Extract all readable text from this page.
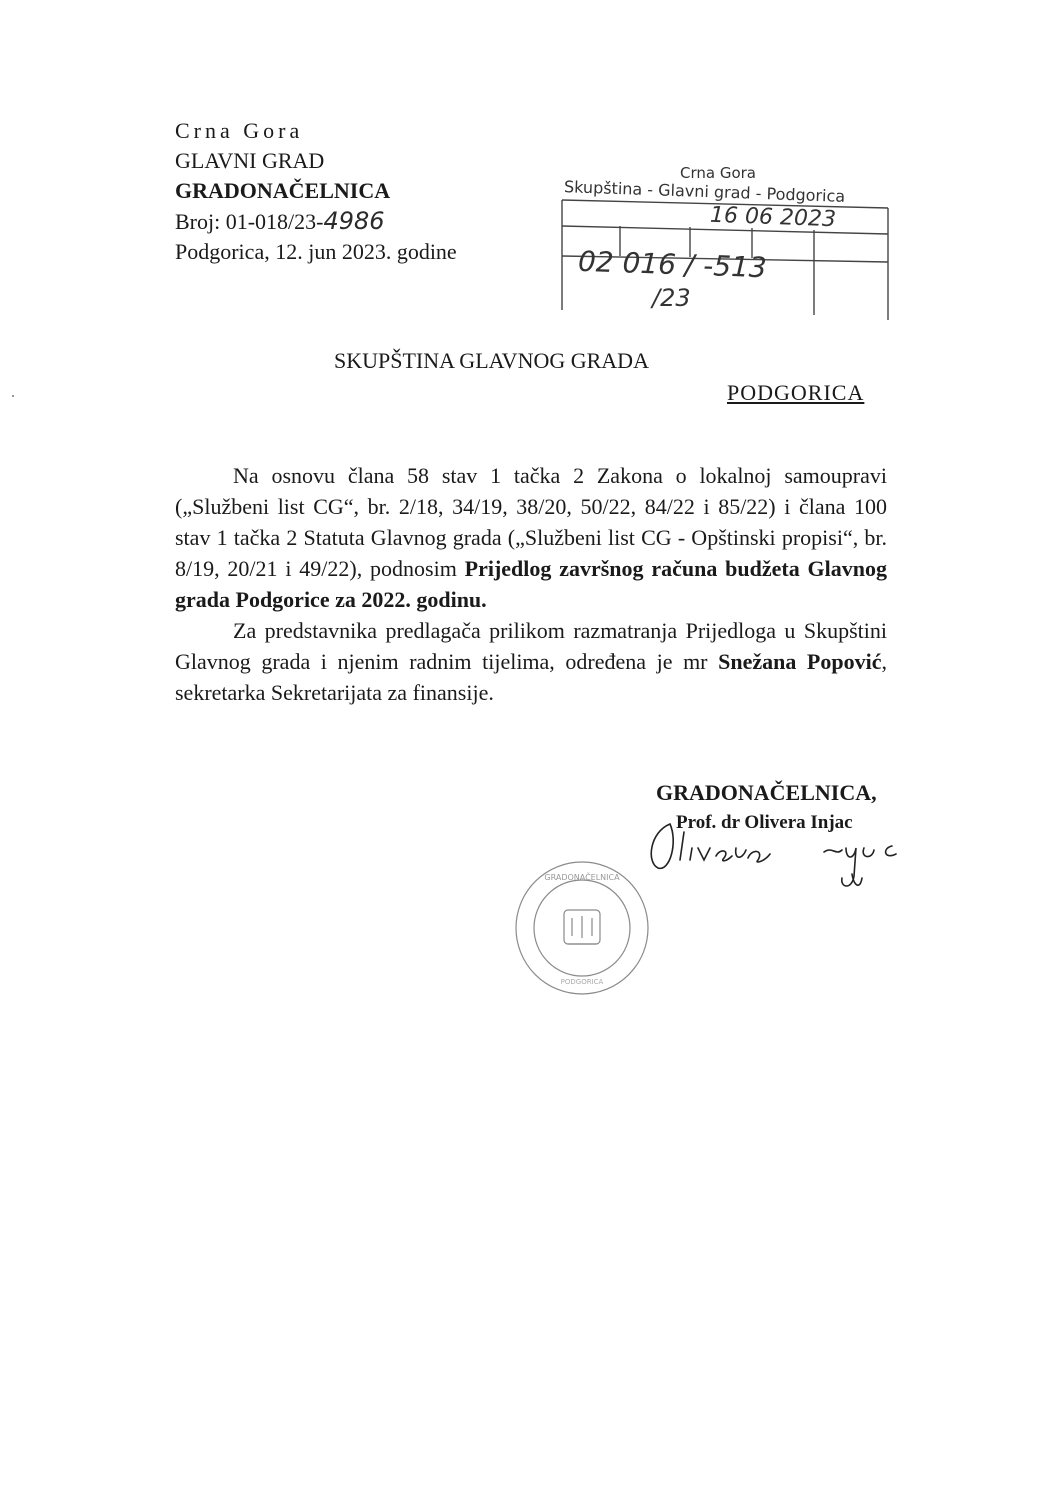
Crna Gora
GLAVNI GRAD
GRADONAČELNICA
Broj: 01-018/23-4986
Podgorica, 12. jun 2023. godine
Crna Gora
Skupština - Glavni grad - Podgorica
16 06 2023
02 016 / -513
/23
SKUPŠTINA GLAVNOG GRADA
PODGORICA

Na osnovu člana 58 stav 1 tačka 2 Zakona o lokalnoj samoupravi („Službeni list CG“, br. 2/18, 34/19, 38/20, 50/22, 84/22 i 85/22) i člana 100 stav 1 tačka 2 Statuta Glavnog grada („Službeni list CG - Opštinski propisi“, br. 8/19, 20/21 i 49/22), podnosim Prijedlog završnog računa budžeta Glavnog grada Podgorice za 2022. godinu.

Za predstavnika predlagača prilikom razmatranja Prijedloga u Skupštini Glavnog grada i njenim radnim tijelima, određena je mr Snežana Popović, sekretarka Sekretarijata za finansije.

GRADONAČELNICA,
Prof. dr Olivera Injac
GRADONAČELNICA
PODGORICA
